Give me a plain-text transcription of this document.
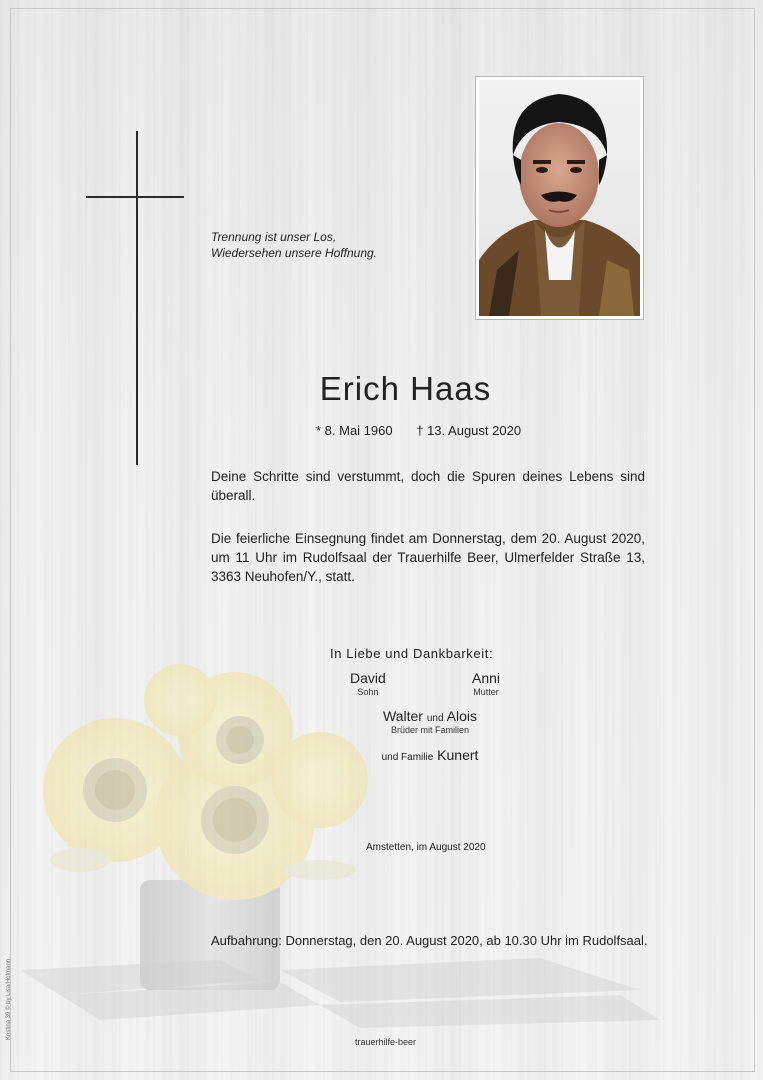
Trennung ist unser Los,
Wiedersehen unsere Hoffnung.
Erich Haas
* 8. Mai 1960 † 13. August 2020
Deine Schritte sind verstummt, doch die Spuren deines Lebens sind überall.
Die feierliche Einsegnung findet am Donnerstag, dem 20. August 2020, um 11 Uhr im Rudolfsaal der Trauerhilfe Beer, Ulmerfelder Straße 13, 3363 Neuhofen/Y., statt.
In Liebe und Dankbarkeit:
David
Sohn
Anni
Mutter
Walter und Alois
Brüder mit Familien
und Familie Kunert
Amstetten, im August 2020
Aufbahrung: Donnerstag, den 20. August 2020, ab 10.30 Uhr im Rudolfsaal.
trauerhilfe-beer
Kristina 39 © by Lisa/Hofmann
